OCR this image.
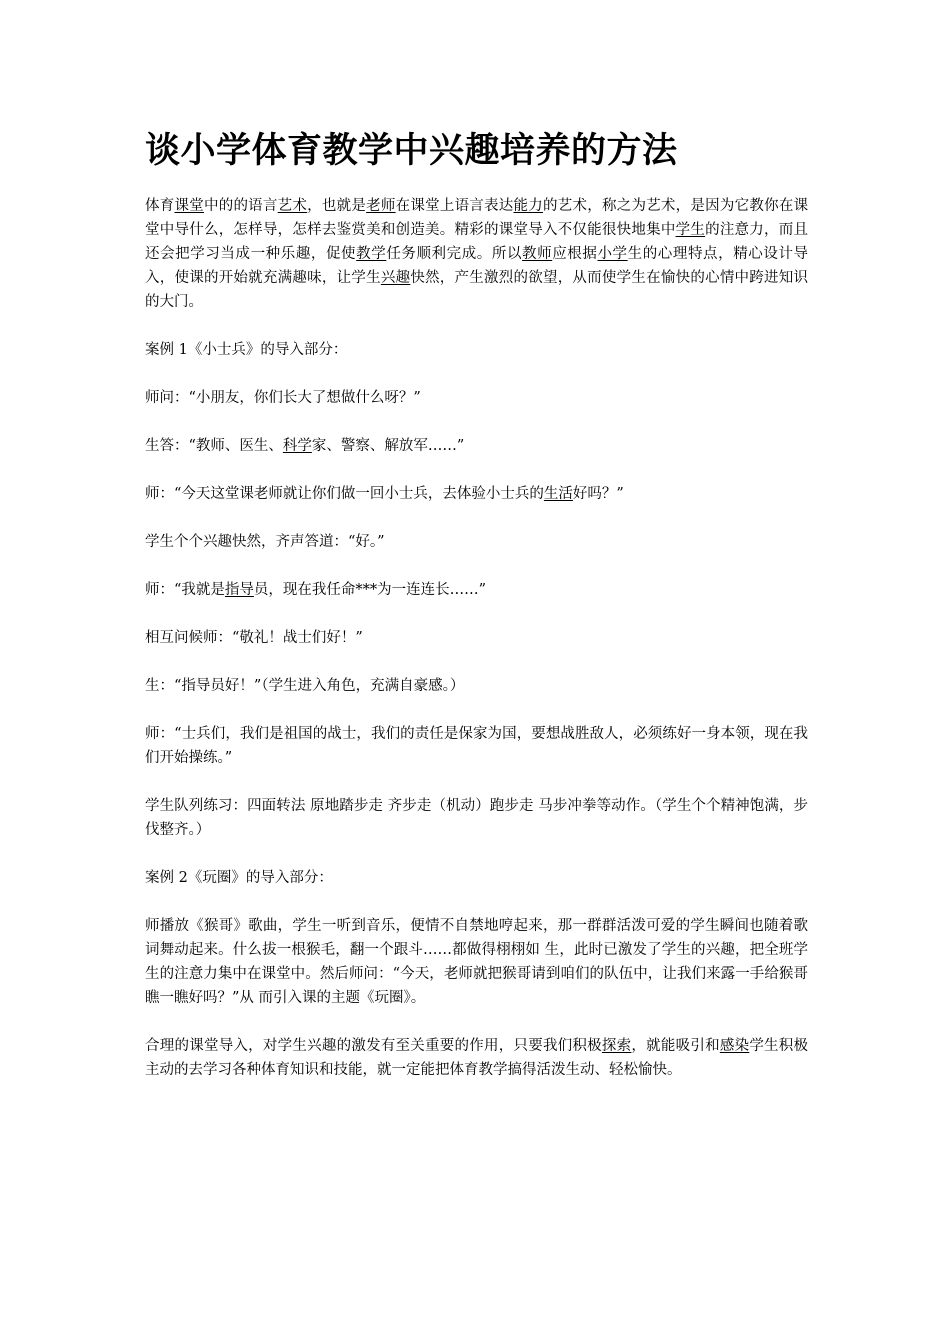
谈小学体育教学中兴趣培养的方法

体育课堂中的的语言艺术，也就是老师在课堂上语言表达能力的艺术，称之为艺术，是因为它教你在课堂中导什么，怎样导，怎样去鉴赏美和创造美。精彩的课堂导入不仅能很快地集中学生的注意力，而且还会把学习当成一种乐趣，促使教学任务顺利完成。所以教师应根据小学生的心理特点，精心设计导入，使课的开始就充满趣味，让学生兴趣快然，产生激烈的欲望，从而使学生在愉快的心情中跨进知识的大门。

案例 1《小士兵》的导入部分：

师问：“小朋友，你们长大了想做什么呀？”

生答：“教师、医生、科学家、警察、解放军……”

师：“今天这堂课老师就让你们做一回小士兵，去体验小士兵的生活好吗？”

学生个个兴趣快然，齐声答道：“好。”

师：“我就是指导员，现在我任命***为一连连长……”

相互问候师：“敬礼！战士们好！”

生：“指导员好！”（学生进入角色，充满自豪感。）

师：“士兵们，我们是祖国的战士，我们的责任是保家为国，要想战胜敌人，必须练好一身本领，现在我们开始操练。”

学生队列练习：四面转法 原地踏步走 齐步走（机动）跑步走 马步冲拳等动作。（学生个个精神饱满，步伐整齐。）

案例 2《玩圈》的导入部分：

师播放《猴哥》歌曲，学生一听到音乐，便情不自禁地哼起来，那一群群活泼可爱的学生瞬间也随着歌词舞动起来。什么拔一根猴毛，翻一个跟斗……都做得栩栩如 生，此时已激发了学生的兴趣，把全班学生的注意力集中在课堂中。然后师问：“今天，老师就把猴哥请到咱们的队伍中，让我们来露一手给猴哥瞧一瞧好吗？”从 而引入课的主题《玩圈》。

合理的课堂导入，对学生兴趣的激发有至关重要的作用，只要我们积极探索，就能吸引和感染学生积极主动的去学习各种体育知识和技能，就一定能把体育教学搞得活泼生动、轻松愉快。
